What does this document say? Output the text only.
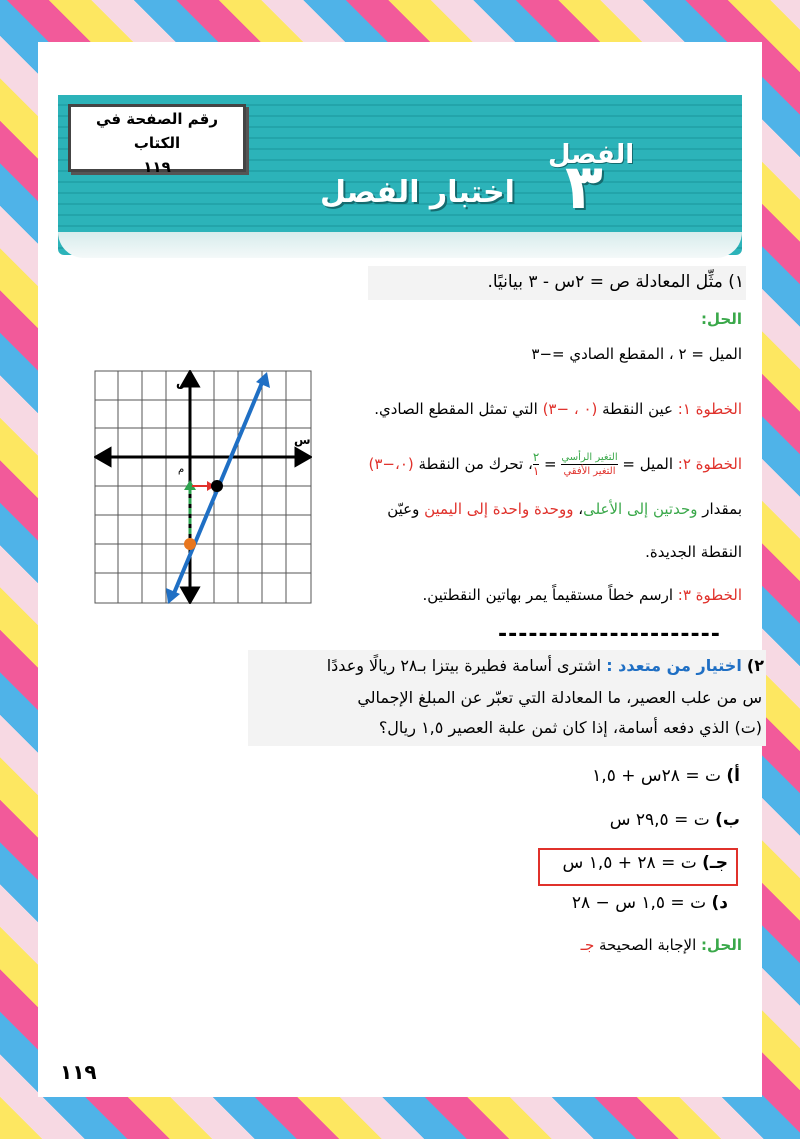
رقم الصفحة في الكتاب
١١٩	الفصل
٣
اختبار الفصل
١) مثِّل المعادلة ص = ٢س - ٣ بيانيًا.
الحل:
الميل = ٢ ، المقطع الصادي =−٣
الخطوة ١: عين النقطة (٠ ، −٣) التي تمثل المقطع الصادي.
الخطوة ٢: الميل =
$\frac{\text{التغير الرأسي}}{\text{التغير الأفقي}}$
=
$\frac{٢}{١}$
، تحرك من النقطة (٠،−٣)
بمقدار وحدتين إلى الأعلى، ووحدة واحدة إلى اليمين وعيّن
النقطة الجديدة.
الخطوة ٣: ارسم خطاً مستقيماً يمر بهاتين النقطتين.
ص
س
م
----------------------
٢) اختيار من متعدد : اشترى أسامة فطيرة بيتزا بـ٢٨ ريالًا وعددًا
س من علب العصير، ما المعادلة التي تعبّر عن المبلغ الإجمالي
(ت) الذي دفعه أسامة، إذا كان ثمن علبة العصير ١,٥ ريال؟
أ) ت = ٢٨س + ١,٥
ب) ت = ٢٩,٥ س
جـ) ت = ٢٨ + ١,٥ س
د) ت = ١,٥ س − ٢٨
الحل: الإجابة الصحيحة جـ
١١٩
